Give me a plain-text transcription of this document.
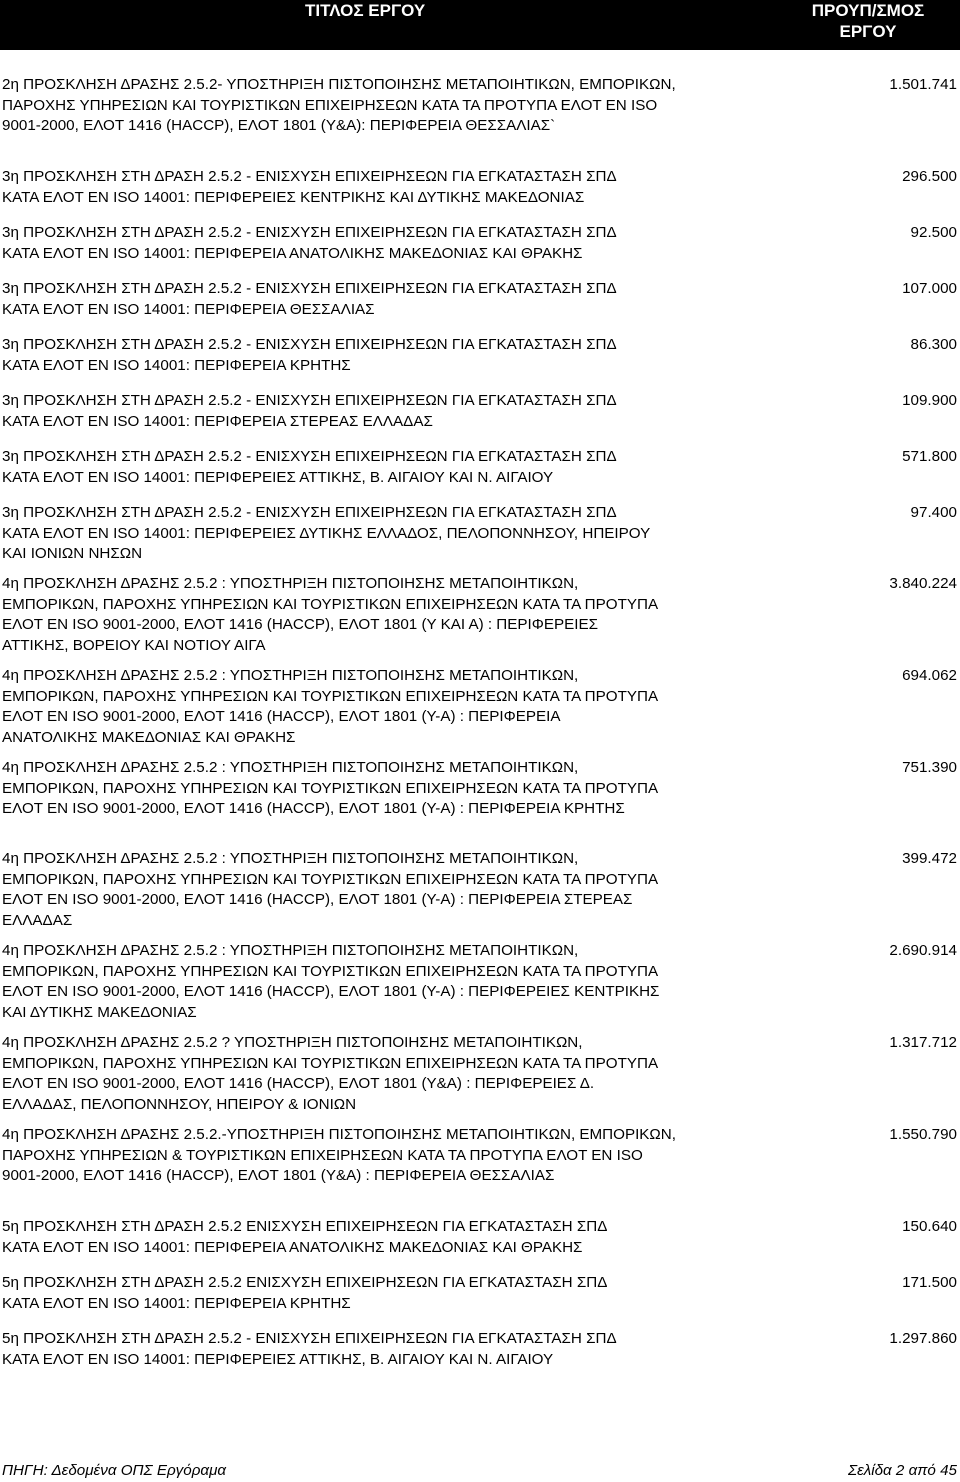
ΤΙΤΛΟΣ ΕΡΓΟΥ	ΠΡΟΥΠ/ΣΜΟΣ
ΕΡΓΟΥ
2η ΠΡΟΣΚΛΗΣΗ ΔΡΑΣΗΣ 2.5.2- ΥΠΟΣΤΗΡΙΞΗ ΠΙΣΤΟΠΟΙΗΣΗΣ ΜΕΤΑΠΟΙΗΤΙΚΩΝ, ΕΜΠΟΡΙΚΩΝ,
ΠΑΡΟΧΗΣ ΥΠΗΡΕΣΙΩΝ ΚΑΙ ΤΟΥΡΙΣΤΙΚΩΝ ΕΠΙΧΕΙΡΗΣΕΩΝ ΚΑΤΑ ΤΑ ΠΡΟΤΥΠΑ ΕΛΟΤ ΕΝ ISO
9001-2000, ΕΛΟΤ 1416 (HACCP), ΕΛΟΤ 1801 (Υ&Α): ΠΕΡΙΦΕΡΕΙΑ ΘΕΣΣΑΛΙΑΣ`
1.501.741
3η ΠΡΟΣΚΛΗΣΗ ΣΤΗ ΔΡΑΣΗ 2.5.2 - ΕΝΙΣΧΥΣΗ ΕΠΙΧΕΙΡΗΣΕΩΝ ΓΙΑ ΕΓΚΑΤΑΣΤΑΣΗ ΣΠΔ
ΚΑΤΑ ΕΛΟΤ ΕΝ ISO 14001: ΠΕΡΙΦΕΡΕΙΕΣ ΚΕΝΤΡΙΚΗΣ ΚΑΙ ΔΥΤΙΚΗΣ ΜΑΚΕΔΟΝΙΑΣ
296.500
3η ΠΡΟΣΚΛΗΣΗ ΣΤΗ ΔΡΑΣΗ 2.5.2 - ΕΝΙΣΧΥΣΗ ΕΠΙΧΕΙΡΗΣΕΩΝ ΓΙΑ ΕΓΚΑΤΑΣΤΑΣΗ ΣΠΔ
ΚΑΤΑ ΕΛΟΤ ΕΝ ISO 14001: ΠΕΡΙΦΕΡΕΙΑ ΑΝΑΤΟΛΙΚΗΣ ΜΑΚΕΔΟΝΙΑΣ ΚΑΙ ΘΡΑΚΗΣ
92.500
3η ΠΡΟΣΚΛΗΣΗ ΣΤΗ ΔΡΑΣΗ 2.5.2 - ΕΝΙΣΧΥΣΗ ΕΠΙΧΕΙΡΗΣΕΩΝ ΓΙΑ ΕΓΚΑΤΑΣΤΑΣΗ ΣΠΔ
ΚΑΤΑ ΕΛΟΤ ΕΝ ISO 14001: ΠΕΡΙΦΕΡΕΙΑ ΘΕΣΣΑΛΙΑΣ
107.000
3η ΠΡΟΣΚΛΗΣΗ ΣΤΗ ΔΡΑΣΗ 2.5.2 - ΕΝΙΣΧΥΣΗ ΕΠΙΧΕΙΡΗΣΕΩΝ ΓΙΑ ΕΓΚΑΤΑΣΤΑΣΗ ΣΠΔ
ΚΑΤΑ ΕΛΟΤ ΕΝ ISO 14001: ΠΕΡΙΦΕΡΕΙΑ ΚΡΗΤΗΣ
86.300
3η ΠΡΟΣΚΛΗΣΗ ΣΤΗ ΔΡΑΣΗ 2.5.2 - ΕΝΙΣΧΥΣΗ ΕΠΙΧΕΙΡΗΣΕΩΝ ΓΙΑ ΕΓΚΑΤΑΣΤΑΣΗ ΣΠΔ
ΚΑΤΑ ΕΛΟΤ ΕΝ ISO 14001: ΠΕΡΙΦΕΡΕΙΑ ΣΤΕΡΕΑΣ ΕΛΛΑΔΑΣ
109.900
3η ΠΡΟΣΚΛΗΣΗ ΣΤΗ ΔΡΑΣΗ 2.5.2 - ΕΝΙΣΧΥΣΗ ΕΠΙΧΕΙΡΗΣΕΩΝ ΓΙΑ ΕΓΚΑΤΑΣΤΑΣΗ ΣΠΔ
ΚΑΤΑ ΕΛΟΤ ΕΝ ISO 14001: ΠΕΡΙΦΕΡΕΙΕΣ ΑΤΤΙΚΗΣ, Β. ΑΙΓΑΙΟΥ ΚΑΙ Ν. ΑΙΓΑΙΟΥ
571.800
3η ΠΡΟΣΚΛΗΣΗ ΣΤΗ ΔΡΑΣΗ 2.5.2 - ΕΝΙΣΧΥΣΗ ΕΠΙΧΕΙΡΗΣΕΩΝ ΓΙΑ ΕΓΚΑΤΑΣΤΑΣΗ ΣΠΔ
ΚΑΤΑ ΕΛΟΤ ΕΝ ISO 14001: ΠΕΡΙΦΕΡΕΙΕΣ ΔΥΤΙΚΗΣ ΕΛΛΑΔΟΣ, ΠΕΛΟΠΟΝΝΗΣΟΥ, ΗΠΕΙΡΟΥ
ΚΑΙ ΙΟΝΙΩΝ ΝΗΣΩΝ
97.400
4η ΠΡΟΣΚΛΗΣΗ ΔΡΑΣΗΣ 2.5.2 : ΥΠΟΣΤΗΡΙΞΗ ΠΙΣΤΟΠΟΙΗΣΗΣ ΜΕΤΑΠΟΙΗΤΙΚΩΝ,
ΕΜΠΟΡΙΚΩΝ, ΠΑΡΟΧΗΣ ΥΠΗΡΕΣΙΩΝ ΚΑΙ ΤΟΥΡΙΣΤΙΚΩΝ ΕΠΙΧΕΙΡΗΣΕΩΝ ΚΑΤΑ ΤΑ ΠΡΟΤΥΠΑ
ΕΛΟΤ ΕΝ ISO 9001-2000, ΕΛΟΤ 1416 (HACCP), ΕΛΟΤ 1801 (Υ ΚΑΙ Α) : ΠΕΡΙΦΕΡΕΙΕΣ
ΑΤΤΙΚΗΣ, ΒΟΡΕΙΟΥ ΚΑΙ ΝΟΤΙΟΥ ΑΙΓΑ
3.840.224
4η ΠΡΟΣΚΛΗΣΗ ΔΡΑΣΗΣ 2.5.2 : ΥΠΟΣΤΗΡΙΞΗ ΠΙΣΤΟΠΟΙΗΣΗΣ ΜΕΤΑΠΟΙΗΤΙΚΩΝ,
ΕΜΠΟΡΙΚΩΝ, ΠΑΡΟΧΗΣ ΥΠΗΡΕΣΙΩΝ ΚΑΙ ΤΟΥΡΙΣΤΙΚΩΝ ΕΠΙΧΕΙΡΗΣΕΩΝ ΚΑΤΑ ΤΑ ΠΡΟΤΥΠΑ
ΕΛΟΤ ΕΝ ISO 9001-2000, ΕΛΟΤ 1416 (HACCP), ΕΛΟΤ 1801 (Υ-Α) : ΠΕΡΙΦΕΡΕΙΑ
ΑΝΑΤΟΛΙΚΗΣ ΜΑΚΕΔΟΝΙΑΣ ΚΑΙ ΘΡΑΚΗΣ
694.062
4η ΠΡΟΣΚΛΗΣΗ ΔΡΑΣΗΣ 2.5.2 : ΥΠΟΣΤΗΡΙΞΗ ΠΙΣΤΟΠΟΙΗΣΗΣ ΜΕΤΑΠΟΙΗΤΙΚΩΝ,
ΕΜΠΟΡΙΚΩΝ, ΠΑΡΟΧΗΣ ΥΠΗΡΕΣΙΩΝ ΚΑΙ ΤΟΥΡΙΣΤΙΚΩΝ ΕΠΙΧΕΙΡΗΣΕΩΝ ΚΑΤΑ ΤΑ ΠΡΟΤΥΠΑ
ΕΛΟΤ ΕΝ ISO 9001-2000, ΕΛΟΤ 1416 (HACCP), ΕΛΟΤ 1801 (Υ-Α) : ΠΕΡΙΦΕΡΕΙΑ ΚΡΗΤΗΣ
751.390
4η ΠΡΟΣΚΛΗΣΗ ΔΡΑΣΗΣ 2.5.2 : ΥΠΟΣΤΗΡΙΞΗ ΠΙΣΤΟΠΟΙΗΣΗΣ ΜΕΤΑΠΟΙΗΤΙΚΩΝ,
ΕΜΠΟΡΙΚΩΝ, ΠΑΡΟΧΗΣ ΥΠΗΡΕΣΙΩΝ ΚΑΙ ΤΟΥΡΙΣΤΙΚΩΝ ΕΠΙΧΕΙΡΗΣΕΩΝ ΚΑΤΑ ΤΑ ΠΡΟΤΥΠΑ
ΕΛΟΤ ΕΝ ISO 9001-2000, ΕΛΟΤ 1416 (HACCP), ΕΛΟΤ 1801 (Υ-Α) : ΠΕΡΙΦΕΡΕΙΑ ΣΤΕΡΕΑΣ
ΕΛΛΑΔΑΣ
399.472
4η ΠΡΟΣΚΛΗΣΗ ΔΡΑΣΗΣ 2.5.2 : ΥΠΟΣΤΗΡΙΞΗ ΠΙΣΤΟΠΟΙΗΣΗΣ ΜΕΤΑΠΟΙΗΤΙΚΩΝ,
ΕΜΠΟΡΙΚΩΝ, ΠΑΡΟΧΗΣ ΥΠΗΡΕΣΙΩΝ ΚΑΙ ΤΟΥΡΙΣΤΙΚΩΝ ΕΠΙΧΕΙΡΗΣΕΩΝ ΚΑΤΑ ΤΑ ΠΡΟΤΥΠΑ
ΕΛΟΤ ΕΝ ISO 9001-2000, ΕΛΟΤ 1416 (HACCP), ΕΛΟΤ 1801 (Υ-Α) : ΠΕΡΙΦΕΡΕΙΕΣ ΚΕΝΤΡΙΚΗΣ
ΚΑΙ ΔΥΤΙΚΗΣ ΜΑΚΕΔΟΝΙΑΣ
2.690.914
4η ΠΡΟΣΚΛΗΣΗ ΔΡΑΣΗΣ 2.5.2 ? ΥΠΟΣΤΗΡΙΞΗ ΠΙΣΤΟΠΟΙΗΣΗΣ ΜΕΤΑΠΟΙΗΤΙΚΩΝ,
ΕΜΠΟΡΙΚΩΝ, ΠΑΡΟΧΗΣ ΥΠΗΡΕΣΙΩΝ ΚΑΙ ΤΟΥΡΙΣΤΙΚΩΝ ΕΠΙΧΕΙΡΗΣΕΩΝ ΚΑΤΑ ΤΑ ΠΡΟΤΥΠΑ
ΕΛΟΤ ΕΝ ISO 9001-2000, ΕΛΟΤ 1416 (HACCP), ΕΛΟΤ 1801 (Υ&Α) : ΠΕΡΙΦΕΡΕΙΕΣ Δ.
ΕΛΛΑΔΑΣ, ΠΕΛΟΠΟΝΝΗΣΟΥ, ΗΠΕΙΡΟΥ & ΙΟΝΙΩΝ
1.317.712
4η ΠΡΟΣΚΛΗΣΗ ΔΡΑΣΗΣ 2.5.2.-ΥΠΟΣΤΗΡΙΞΗ ΠΙΣΤΟΠΟΙΗΣΗΣ ΜΕΤΑΠΟΙΗΤΙΚΩΝ, ΕΜΠΟΡΙΚΩΝ,
ΠΑΡΟΧΗΣ ΥΠΗΡΕΣΙΩΝ & ΤΟΥΡΙΣΤΙΚΩΝ ΕΠΙΧΕΙΡΗΣΕΩΝ ΚΑΤΑ ΤΑ ΠΡΟΤΥΠΑ ΕΛΟΤ ΕΝ ISO
9001-2000, ΕΛΟΤ 1416 (HACCP), ΕΛΟΤ 1801 (Υ&Α) : ΠΕΡΙΦΕΡΕΙΑ ΘΕΣΣΑΛΙΑΣ
1.550.790
5η ΠΡΟΣΚΛΗΣΗ ΣΤΗ ΔΡΑΣΗ 2.5.2 ΕΝΙΣΧΥΣΗ ΕΠΙΧΕΙΡΗΣΕΩΝ ΓΙΑ ΕΓΚΑΤΑΣΤΑΣΗ ΣΠΔ
ΚΑΤΑ ΕΛΟΤ ΕΝ ISO 14001: ΠΕΡΙΦΕΡΕΙΑ ΑΝΑΤΟΛΙΚΗΣ ΜΑΚΕΔΟΝΙΑΣ ΚΑΙ ΘΡΑΚΗΣ
150.640
5η ΠΡΟΣΚΛΗΣΗ ΣΤΗ ΔΡΑΣΗ 2.5.2 ΕΝΙΣΧΥΣΗ ΕΠΙΧΕΙΡΗΣΕΩΝ ΓΙΑ ΕΓΚΑΤΑΣΤΑΣΗ ΣΠΔ
ΚΑΤΑ ΕΛΟΤ ΕΝ ISO 14001: ΠΕΡΙΦΕΡΕΙΑ ΚΡΗΤΗΣ
171.500
5η ΠΡΟΣΚΛΗΣΗ ΣΤΗ ΔΡΑΣΗ 2.5.2 - ΕΝΙΣΧΥΣΗ ΕΠΙΧΕΙΡΗΣΕΩΝ ΓΙΑ ΕΓΚΑΤΑΣΤΑΣΗ ΣΠΔ
ΚΑΤΑ ΕΛΟΤ ΕΝ ISO 14001: ΠΕΡΙΦΕΡΕΙΕΣ ΑΤΤΙΚΗΣ, Β. ΑΙΓΑΙΟΥ ΚΑΙ Ν. ΑΙΓΑΙΟΥ
1.297.860
ΠΗΓΗ: Δεδομένα ΟΠΣ Εργόραμα	Σελίδα 2 από 45
